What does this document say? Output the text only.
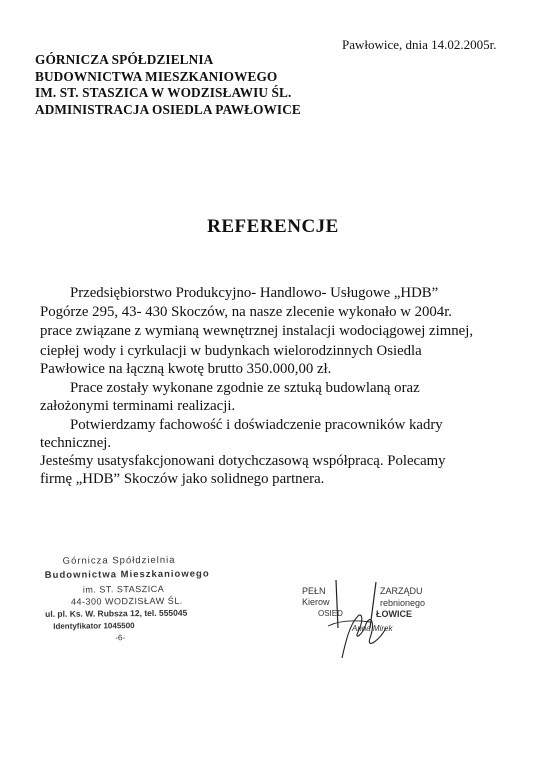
Pawłowice, dnia 14.02.2005r.
GÓRNICZA SPÓŁDZIELNIA
BUDOWNICTWA MIESZKANIOWEGO
IM. ST. STASZICA W WODZISŁAWIU ŚL.
ADMINISTRACJA OSIEDLA PAWŁOWICE
REFERENCJE
Przedsiębiorstwo Produkcyjno- Handlowo- Usługowe „HDB”
Pogórze 295, 43- 430 Skoczów, na nasze zlecenie wykonało w 2004r.
prace związane z wymianą wewnętrznej instalacji wodociągowej zimnej,
ciepłej wody i cyrkulacji w budynkach wielorodzinnych Osiedla
Pawłowice na łączną kwotę brutto 350.000,00 zł.
Prace zostały wykonane zgodnie ze sztuką budowlaną oraz
założonymi terminami realizacji.
Potwierdzamy fachowość i doświadczenie pracowników kadry
technicznej.
Jesteśmy usatysfakcjonowani dotychczasową współpracą. Polecamy
firmę „HDB” Skoczów jako solidnego partnera.
Górnicza Spółdzielnia
Budownictwa Mieszkaniowego
im. ST. STASZICA
44-300 WODZISŁAW ŚL.
ul. pl. Ks. W. Rubsza 12, tel. 555045
Identyfikator 1045500
-6-
PEŁN
Kierow
OSIED
ZARZĄDU
rebnionego
ŁOWICE
Anna Mirek
